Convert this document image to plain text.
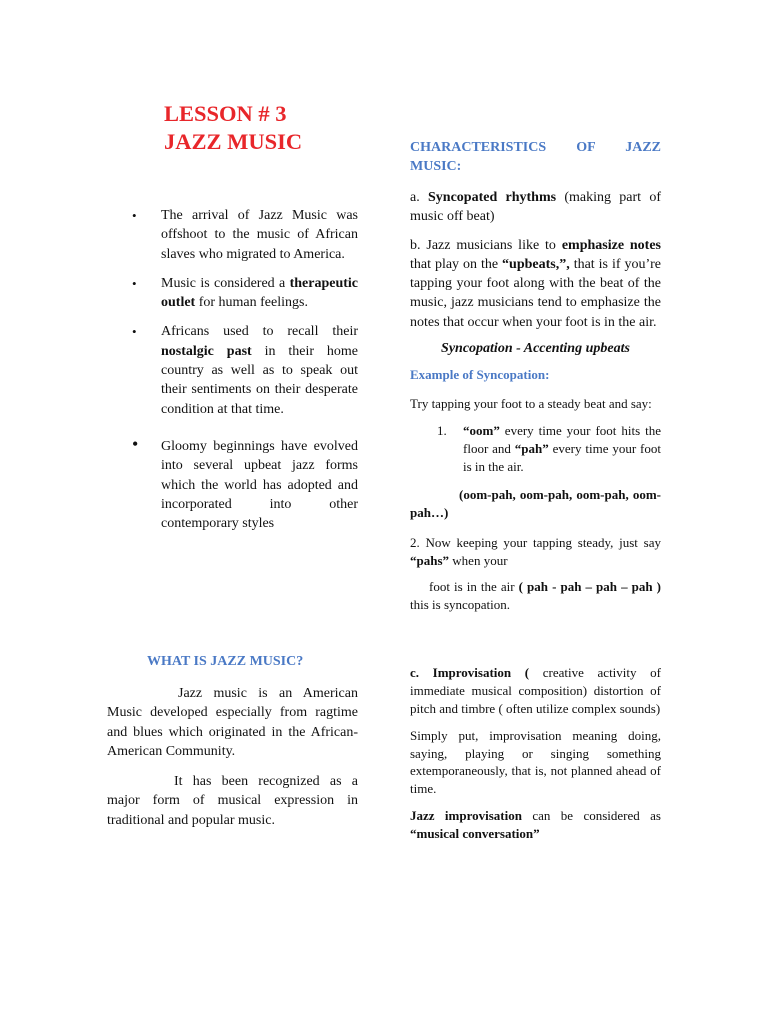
LESSON # 3
JAZZ MUSIC
• The arrival of Jazz Music was offshoot to the music of African slaves who migrated to America.
• Music is considered a therapeutic outlet for human feelings.
• Africans used to recall their nostalgic past in their home country as well as to speak out their sentiments on their desperate condition at that time.
• Gloomy beginnings have evolved into several upbeat jazz forms which the world has adopted and incorporated into other contemporary styles
WHAT IS JAZZ MUSIC?

Jazz music is an American Music developed especially from ragtime and blues which originated in the African-American Community.

It has been recognized as a major form of musical expression in traditional and popular music.

CHARACTERISTICS OF JAZZ
MUSIC:

a. Syncopated rhythms (making part of music off beat)

b. Jazz musicians like to emphasize notes that play on the “upbeats,”, that is if you’re tapping your foot along with the beat of the music, jazz musicians tend to emphasize the notes that occur when your foot is in the air.

Syncopation - Accenting upbeats

Example of Syncopation:

Try tapping your foot to a steady beat and say:

1. “oom” every time your foot hits the floor and “pah” every time your foot is in the air.

(oom-pah, oom-pah, oom-pah, oom-pah…)

2. Now keeping your tapping steady, just say “pahs” when your

foot is in the air ( pah - pah – pah – pah ) this is syncopation.

c. Improvisation ( creative activity of immediate musical composition) distortion of pitch and timbre ( often utilize complex sounds)

Simply put, improvisation meaning doing, saying, playing or singing something extemporaneously, that is, not planned ahead of time.

Jazz improvisation can be considered as “musical conversation”
